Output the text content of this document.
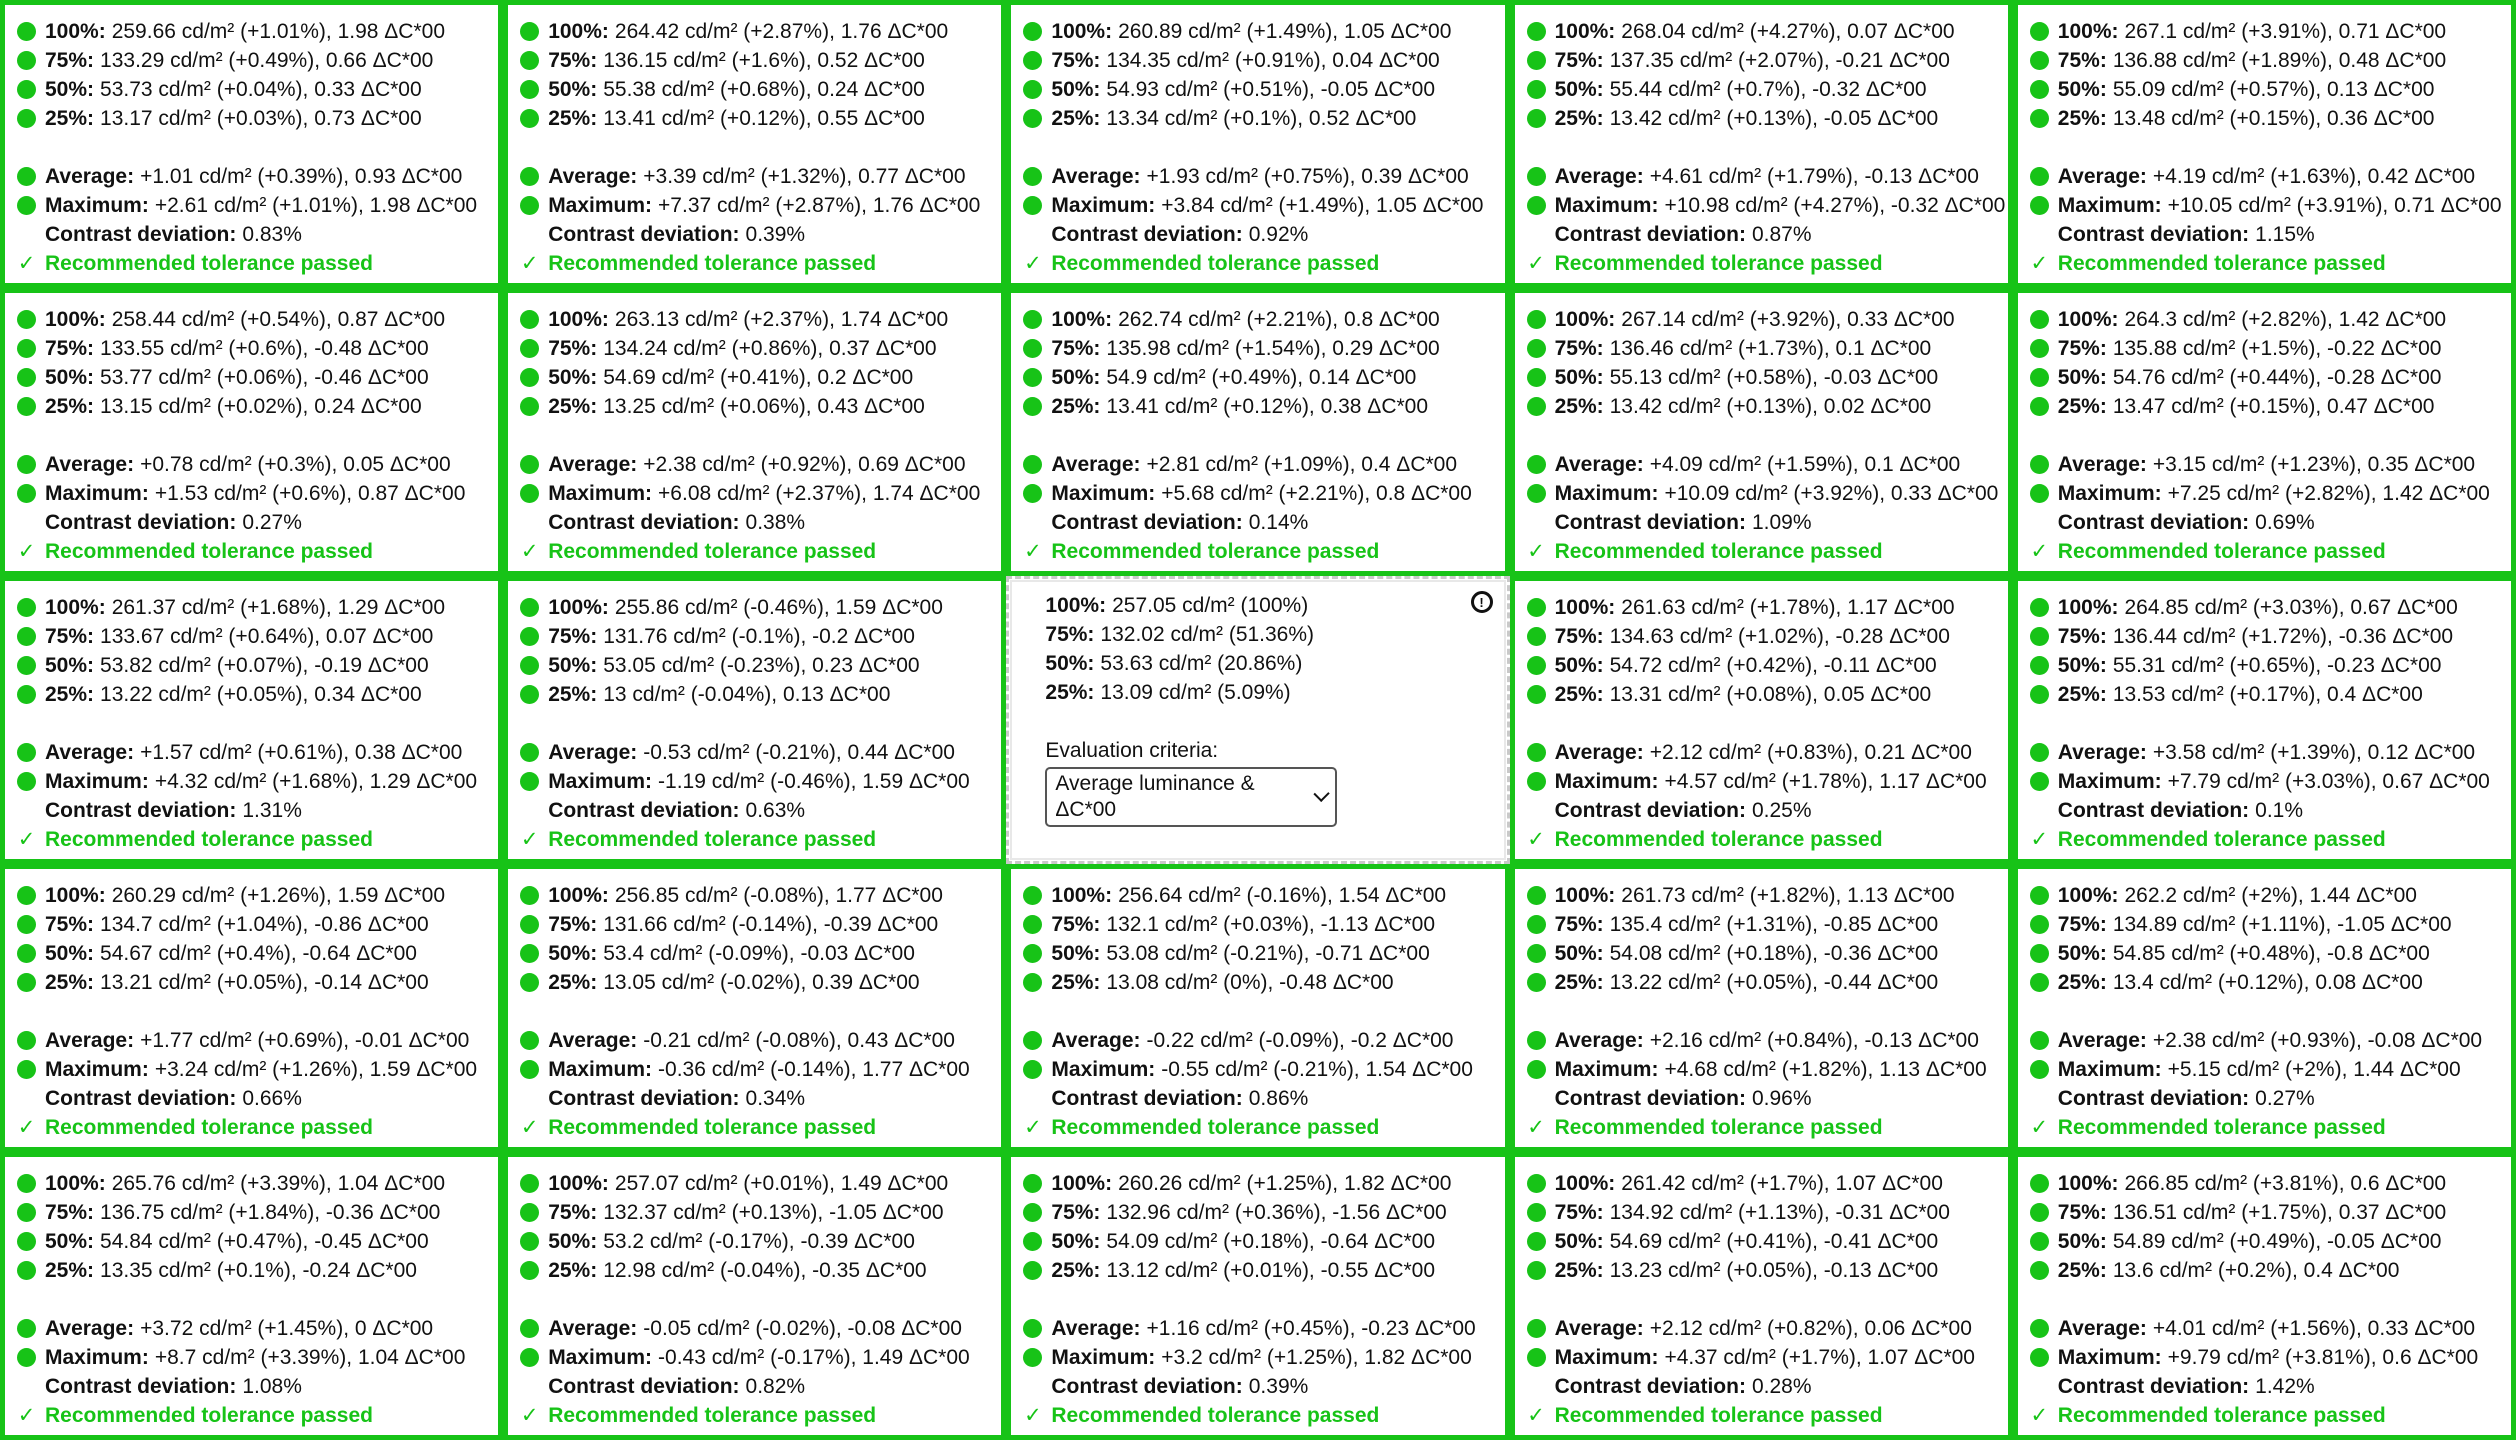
100%: 259.66 cd/m² (+1.01%), 1.98 ΔC*00
75%: 133.29 cd/m² (+0.49%), 0.66 ΔC*00
50%: 53.73 cd/m² (+0.04%), 0.33 ΔC*00
25%: 13.17 cd/m² (+0.03%), 0.73 ΔC*00
Average: +1.01 cd/m² (+0.39%), 0.93 ΔC*00
Maximum: +2.61 cd/m² (+1.01%), 1.98 ΔC*00
Contrast deviation: 0.83%
✓ Recommended tolerance passed
100%: 264.42 cd/m² (+2.87%), 1.76 ΔC*00
75%: 136.15 cd/m² (+1.6%), 0.52 ΔC*00
50%: 55.38 cd/m² (+0.68%), 0.24 ΔC*00
25%: 13.41 cd/m² (+0.12%), 0.55 ΔC*00
Average: +3.39 cd/m² (+1.32%), 0.77 ΔC*00
Maximum: +7.37 cd/m² (+2.87%), 1.76 ΔC*00
Contrast deviation: 0.39%
✓ Recommended tolerance passed
100%: 260.89 cd/m² (+1.49%), 1.05 ΔC*00
75%: 134.35 cd/m² (+0.91%), 0.04 ΔC*00
50%: 54.93 cd/m² (+0.51%), -0.05 ΔC*00
25%: 13.34 cd/m² (+0.1%), 0.52 ΔC*00
Average: +1.93 cd/m² (+0.75%), 0.39 ΔC*00
Maximum: +3.84 cd/m² (+1.49%), 1.05 ΔC*00
Contrast deviation: 0.92%
✓ Recommended tolerance passed
100%: 268.04 cd/m² (+4.27%), 0.07 ΔC*00
75%: 137.35 cd/m² (+2.07%), -0.21 ΔC*00
50%: 55.44 cd/m² (+0.7%), -0.32 ΔC*00
25%: 13.42 cd/m² (+0.13%), -0.05 ΔC*00
Average: +4.61 cd/m² (+1.79%), -0.13 ΔC*00
Maximum: +10.98 cd/m² (+4.27%), -0.32 ΔC*00
Contrast deviation: 0.87%
✓ Recommended tolerance passed
100%: 267.1 cd/m² (+3.91%), 0.71 ΔC*00
75%: 136.88 cd/m² (+1.89%), 0.48 ΔC*00
50%: 55.09 cd/m² (+0.57%), 0.13 ΔC*00
25%: 13.48 cd/m² (+0.15%), 0.36 ΔC*00
Average: +4.19 cd/m² (+1.63%), 0.42 ΔC*00
Maximum: +10.05 cd/m² (+3.91%), 0.71 ΔC*00
Contrast deviation: 1.15%
✓ Recommended tolerance passed
100%: 258.44 cd/m² (+0.54%), 0.87 ΔC*00
75%: 133.55 cd/m² (+0.6%), -0.48 ΔC*00
50%: 53.77 cd/m² (+0.06%), -0.46 ΔC*00
25%: 13.15 cd/m² (+0.02%), 0.24 ΔC*00
Average: +0.78 cd/m² (+0.3%), 0.05 ΔC*00
Maximum: +1.53 cd/m² (+0.6%), 0.87 ΔC*00
Contrast deviation: 0.27%
✓ Recommended tolerance passed
100%: 263.13 cd/m² (+2.37%), 1.74 ΔC*00
75%: 134.24 cd/m² (+0.86%), 0.37 ΔC*00
50%: 54.69 cd/m² (+0.41%), 0.2 ΔC*00
25%: 13.25 cd/m² (+0.06%), 0.43 ΔC*00
Average: +2.38 cd/m² (+0.92%), 0.69 ΔC*00
Maximum: +6.08 cd/m² (+2.37%), 1.74 ΔC*00
Contrast deviation: 0.38%
✓ Recommended tolerance passed
100%: 262.74 cd/m² (+2.21%), 0.8 ΔC*00
75%: 135.98 cd/m² (+1.54%), 0.29 ΔC*00
50%: 54.9 cd/m² (+0.49%), 0.14 ΔC*00
25%: 13.41 cd/m² (+0.12%), 0.38 ΔC*00
Average: +2.81 cd/m² (+1.09%), 0.4 ΔC*00
Maximum: +5.68 cd/m² (+2.21%), 0.8 ΔC*00
Contrast deviation: 0.14%
✓ Recommended tolerance passed
100%: 267.14 cd/m² (+3.92%), 0.33 ΔC*00
75%: 136.46 cd/m² (+1.73%), 0.1 ΔC*00
50%: 55.13 cd/m² (+0.58%), -0.03 ΔC*00
25%: 13.42 cd/m² (+0.13%), 0.02 ΔC*00
Average: +4.09 cd/m² (+1.59%), 0.1 ΔC*00
Maximum: +10.09 cd/m² (+3.92%), 0.33 ΔC*00
Contrast deviation: 1.09%
✓ Recommended tolerance passed
100%: 264.3 cd/m² (+2.82%), 1.42 ΔC*00
75%: 135.88 cd/m² (+1.5%), -0.22 ΔC*00
50%: 54.76 cd/m² (+0.44%), -0.28 ΔC*00
25%: 13.47 cd/m² (+0.15%), 0.47 ΔC*00
Average: +3.15 cd/m² (+1.23%), 0.35 ΔC*00
Maximum: +7.25 cd/m² (+2.82%), 1.42 ΔC*00
Contrast deviation: 0.69%
✓ Recommended tolerance passed
100%: 261.37 cd/m² (+1.68%), 1.29 ΔC*00
75%: 133.67 cd/m² (+0.64%), 0.07 ΔC*00
50%: 53.82 cd/m² (+0.07%), -0.19 ΔC*00
25%: 13.22 cd/m² (+0.05%), 0.34 ΔC*00
Average: +1.57 cd/m² (+0.61%), 0.38 ΔC*00
Maximum: +4.32 cd/m² (+1.68%), 1.29 ΔC*00
Contrast deviation: 1.31%
✓ Recommended tolerance passed
100%: 255.86 cd/m² (-0.46%), 1.59 ΔC*00
75%: 131.76 cd/m² (-0.1%), -0.2 ΔC*00
50%: 53.05 cd/m² (-0.23%), 0.23 ΔC*00
25%: 13 cd/m² (-0.04%), 0.13 ΔC*00
Average: -0.53 cd/m² (-0.21%), 0.44 ΔC*00
Maximum: -1.19 cd/m² (-0.46%), 1.59 ΔC*00
Contrast deviation: 0.63%
✓ Recommended tolerance passed
!
100%: 257.05 cd/m² (100%)
75%: 132.02 cd/m² (51.36%)
50%: 53.63 cd/m² (20.86%)
25%: 13.09 cd/m² (5.09%)
Evaluation criteria:
Average luminance & ΔC*00
100%: 261.63 cd/m² (+1.78%), 1.17 ΔC*00
75%: 134.63 cd/m² (+1.02%), -0.28 ΔC*00
50%: 54.72 cd/m² (+0.42%), -0.11 ΔC*00
25%: 13.31 cd/m² (+0.08%), 0.05 ΔC*00
Average: +2.12 cd/m² (+0.83%), 0.21 ΔC*00
Maximum: +4.57 cd/m² (+1.78%), 1.17 ΔC*00
Contrast deviation: 0.25%
✓ Recommended tolerance passed
100%: 264.85 cd/m² (+3.03%), 0.67 ΔC*00
75%: 136.44 cd/m² (+1.72%), -0.36 ΔC*00
50%: 55.31 cd/m² (+0.65%), -0.23 ΔC*00
25%: 13.53 cd/m² (+0.17%), 0.4 ΔC*00
Average: +3.58 cd/m² (+1.39%), 0.12 ΔC*00
Maximum: +7.79 cd/m² (+3.03%), 0.67 ΔC*00
Contrast deviation: 0.1%
✓ Recommended tolerance passed
100%: 260.29 cd/m² (+1.26%), 1.59 ΔC*00
75%: 134.7 cd/m² (+1.04%), -0.86 ΔC*00
50%: 54.67 cd/m² (+0.4%), -0.64 ΔC*00
25%: 13.21 cd/m² (+0.05%), -0.14 ΔC*00
Average: +1.77 cd/m² (+0.69%), -0.01 ΔC*00
Maximum: +3.24 cd/m² (+1.26%), 1.59 ΔC*00
Contrast deviation: 0.66%
✓ Recommended tolerance passed
100%: 256.85 cd/m² (-0.08%), 1.77 ΔC*00
75%: 131.66 cd/m² (-0.14%), -0.39 ΔC*00
50%: 53.4 cd/m² (-0.09%), -0.03 ΔC*00
25%: 13.05 cd/m² (-0.02%), 0.39 ΔC*00
Average: -0.21 cd/m² (-0.08%), 0.43 ΔC*00
Maximum: -0.36 cd/m² (-0.14%), 1.77 ΔC*00
Contrast deviation: 0.34%
✓ Recommended tolerance passed
100%: 256.64 cd/m² (-0.16%), 1.54 ΔC*00
75%: 132.1 cd/m² (+0.03%), -1.13 ΔC*00
50%: 53.08 cd/m² (-0.21%), -0.71 ΔC*00
25%: 13.08 cd/m² (0%), -0.48 ΔC*00
Average: -0.22 cd/m² (-0.09%), -0.2 ΔC*00
Maximum: -0.55 cd/m² (-0.21%), 1.54 ΔC*00
Contrast deviation: 0.86%
✓ Recommended tolerance passed
100%: 261.73 cd/m² (+1.82%), 1.13 ΔC*00
75%: 135.4 cd/m² (+1.31%), -0.85 ΔC*00
50%: 54.08 cd/m² (+0.18%), -0.36 ΔC*00
25%: 13.22 cd/m² (+0.05%), -0.44 ΔC*00
Average: +2.16 cd/m² (+0.84%), -0.13 ΔC*00
Maximum: +4.68 cd/m² (+1.82%), 1.13 ΔC*00
Contrast deviation: 0.96%
✓ Recommended tolerance passed
100%: 262.2 cd/m² (+2%), 1.44 ΔC*00
75%: 134.89 cd/m² (+1.11%), -1.05 ΔC*00
50%: 54.85 cd/m² (+0.48%), -0.8 ΔC*00
25%: 13.4 cd/m² (+0.12%), 0.08 ΔC*00
Average: +2.38 cd/m² (+0.93%), -0.08 ΔC*00
Maximum: +5.15 cd/m² (+2%), 1.44 ΔC*00
Contrast deviation: 0.27%
✓ Recommended tolerance passed
100%: 265.76 cd/m² (+3.39%), 1.04 ΔC*00
75%: 136.75 cd/m² (+1.84%), -0.36 ΔC*00
50%: 54.84 cd/m² (+0.47%), -0.45 ΔC*00
25%: 13.35 cd/m² (+0.1%), -0.24 ΔC*00
Average: +3.72 cd/m² (+1.45%), 0 ΔC*00
Maximum: +8.7 cd/m² (+3.39%), 1.04 ΔC*00
Contrast deviation: 1.08%
✓ Recommended tolerance passed
100%: 257.07 cd/m² (+0.01%), 1.49 ΔC*00
75%: 132.37 cd/m² (+0.13%), -1.05 ΔC*00
50%: 53.2 cd/m² (-0.17%), -0.39 ΔC*00
25%: 12.98 cd/m² (-0.04%), -0.35 ΔC*00
Average: -0.05 cd/m² (-0.02%), -0.08 ΔC*00
Maximum: -0.43 cd/m² (-0.17%), 1.49 ΔC*00
Contrast deviation: 0.82%
✓ Recommended tolerance passed
100%: 260.26 cd/m² (+1.25%), 1.82 ΔC*00
75%: 132.96 cd/m² (+0.36%), -1.56 ΔC*00
50%: 54.09 cd/m² (+0.18%), -0.64 ΔC*00
25%: 13.12 cd/m² (+0.01%), -0.55 ΔC*00
Average: +1.16 cd/m² (+0.45%), -0.23 ΔC*00
Maximum: +3.2 cd/m² (+1.25%), 1.82 ΔC*00
Contrast deviation: 0.39%
✓ Recommended tolerance passed
100%: 261.42 cd/m² (+1.7%), 1.07 ΔC*00
75%: 134.92 cd/m² (+1.13%), -0.31 ΔC*00
50%: 54.69 cd/m² (+0.41%), -0.41 ΔC*00
25%: 13.23 cd/m² (+0.05%), -0.13 ΔC*00
Average: +2.12 cd/m² (+0.82%), 0.06 ΔC*00
Maximum: +4.37 cd/m² (+1.7%), 1.07 ΔC*00
Contrast deviation: 0.28%
✓ Recommended tolerance passed
100%: 266.85 cd/m² (+3.81%), 0.6 ΔC*00
75%: 136.51 cd/m² (+1.75%), 0.37 ΔC*00
50%: 54.89 cd/m² (+0.49%), -0.05 ΔC*00
25%: 13.6 cd/m² (+0.2%), 0.4 ΔC*00
Average: +4.01 cd/m² (+1.56%), 0.33 ΔC*00
Maximum: +9.79 cd/m² (+3.81%), 0.6 ΔC*00
Contrast deviation: 1.42%
✓ Recommended tolerance passed
